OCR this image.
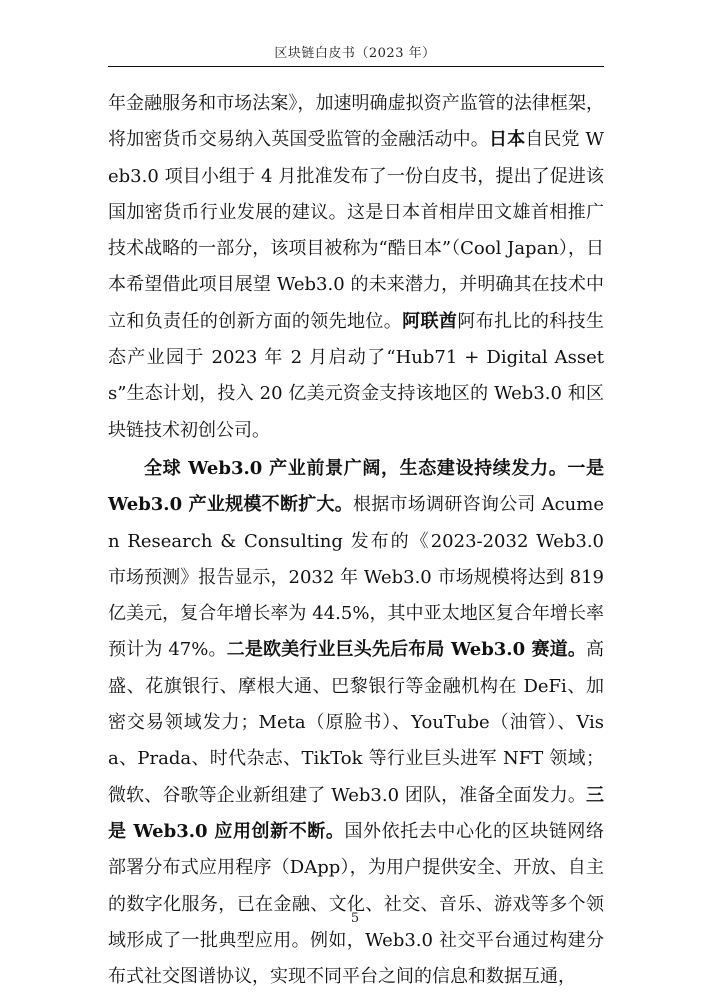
区块链白皮书（2023 年）

年金融服务和市场法案》，加速明确虚拟资产监管的法律框架，将加密货币交易纳入英国受监管的金融活动中。日本自民党 Web3.0 项目小组于 4 月批准发布了一份白皮书，提出了促进该国加密货币行业发展的建议。这是日本首相岸田文雄首相推广技术战略的一部分，该项目被称为“酷日本”（Cool Japan），日本希望借此项目展望 Web3.0 的未来潜力，并明确其在技术中立和负责任的创新方面的领先地位。阿联酋阿布扎比的科技生态产业园于 2023 年 2 月启动了“Hub71 + Digital Assets”生态计划，投入 20 亿美元资金支持该地区的 Web3.0 和区块链技术初创公司。

全球 Web3.0 产业前景广阔，生态建设持续发力。一是 Web3.0 产业规模不断扩大。根据市场调研咨询公司 Acumen Research & Consulting 发布的《2023-2032 Web3.0 市场预测》报告显示，2032 年 Web3.0 市场规模将达到 819 亿美元，复合年增长率为 44.5%，其中亚太地区复合年增长率预计为 47%。二是欧美行业巨头先后布局 Web3.0 赛道。高盛、花旗银行、摩根大通、巴黎银行等金融机构在 DeFi、加密交易领域发力；Meta（原脸书）、YouTube（油管）、Visa、Prada、时代杂志、TikTok 等行业巨头进军 NFT 领域；微软、谷歌等企业新组建了 Web3.0 团队，准备全面发力。三是 Web3.0 应用创新不断。国外依托去中心化的区块链网络部署分布式应用程序（DApp），为用户提供安全、开放、自主的数字化服务，已在金融、文化、社交、音乐、游戏等多个领域形成了一批典型应用。例如，Web3.0 社交平台通过构建分布式社交图谱协议，实现不同平台之间的信息和数据互通，

5
